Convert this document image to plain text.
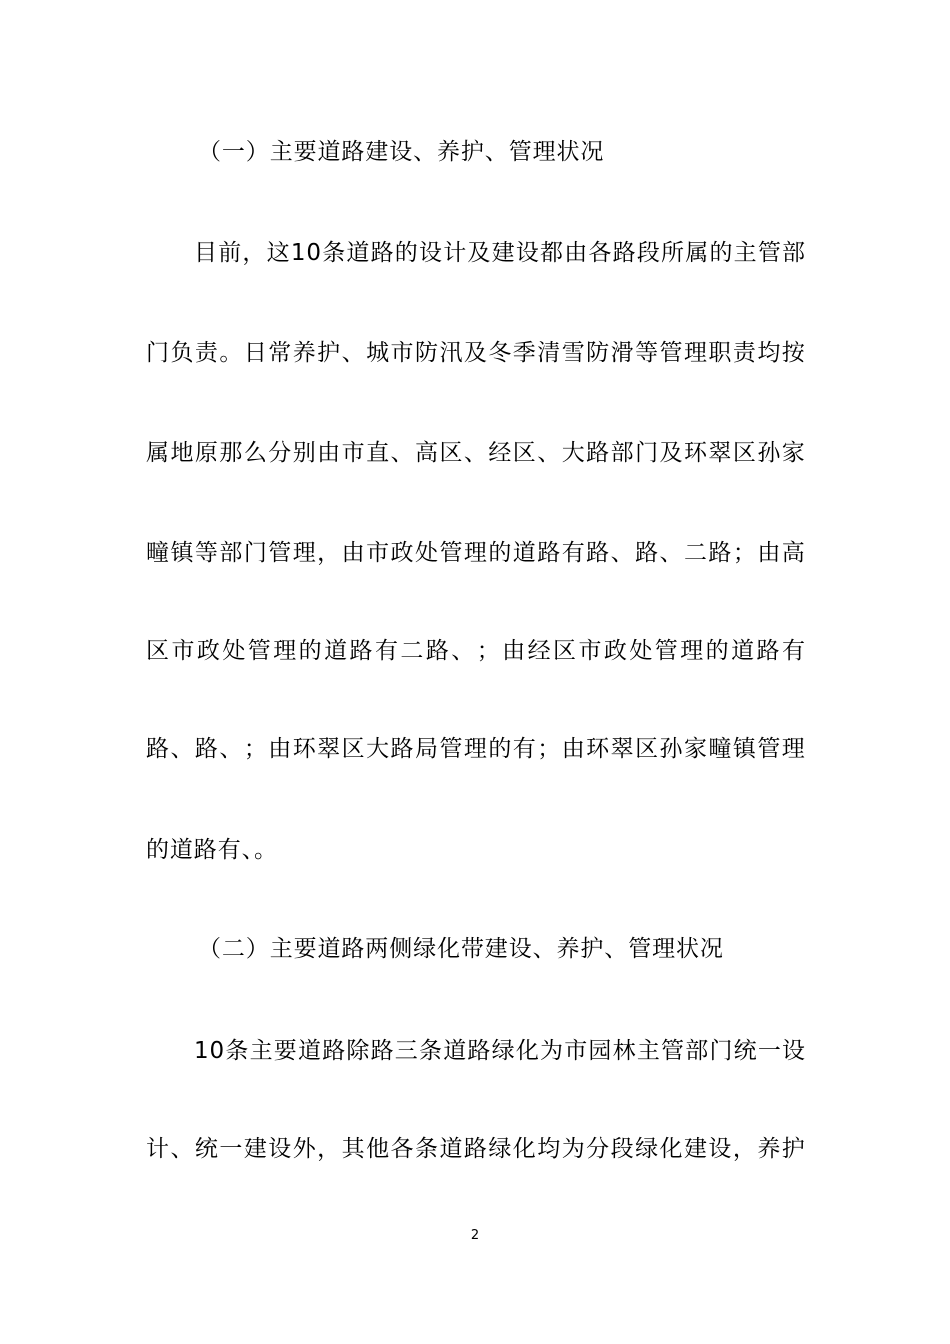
（一）主要道路建设、养护、管理状况
目 前 ， 这 10 条 道 路 的 设 计 及 建 设 都 由 各 路 段 所 属 的 主 管 部
门 负 责 。 日 常 养 护 、 城 市 防 汛 及 冬 季 清 雪 防 滑 等 管 理 职 责 均 按
属 地 原 那 么 分 别 由 市 直 、 高 区 、 经 区 、 大 路 部 门 及 环 翠 区 孙 家
疃 镇 等 部 门 管 理 ， 由 市 政 处 管 理 的 道 路 有 路 、 路 、 二 路 ； 由 高
区 市 政 处 管 理 的 道 路 有 二 路 、 ； 由 经 区 市 政 处 管 理 的 道 路 有
路 、 路 、 ； 由 环 翠 区 大 路 局 管 理 的 有 ； 由 环 翠 区 孙 家 疃 镇 管 理
的道路有、。
（二）主要道路两侧绿化带建设、养护、管理状况
10 条 主 要 道 路 除 路 三 条 道 路 绿 化 为 市 园 林 主 管 部 门 统 一 设
计 、 统 一 建 设 外 ， 其 他 各 条 道 路 绿 化 均 为 分 段 绿 化 建 设 ， 养 护
2
